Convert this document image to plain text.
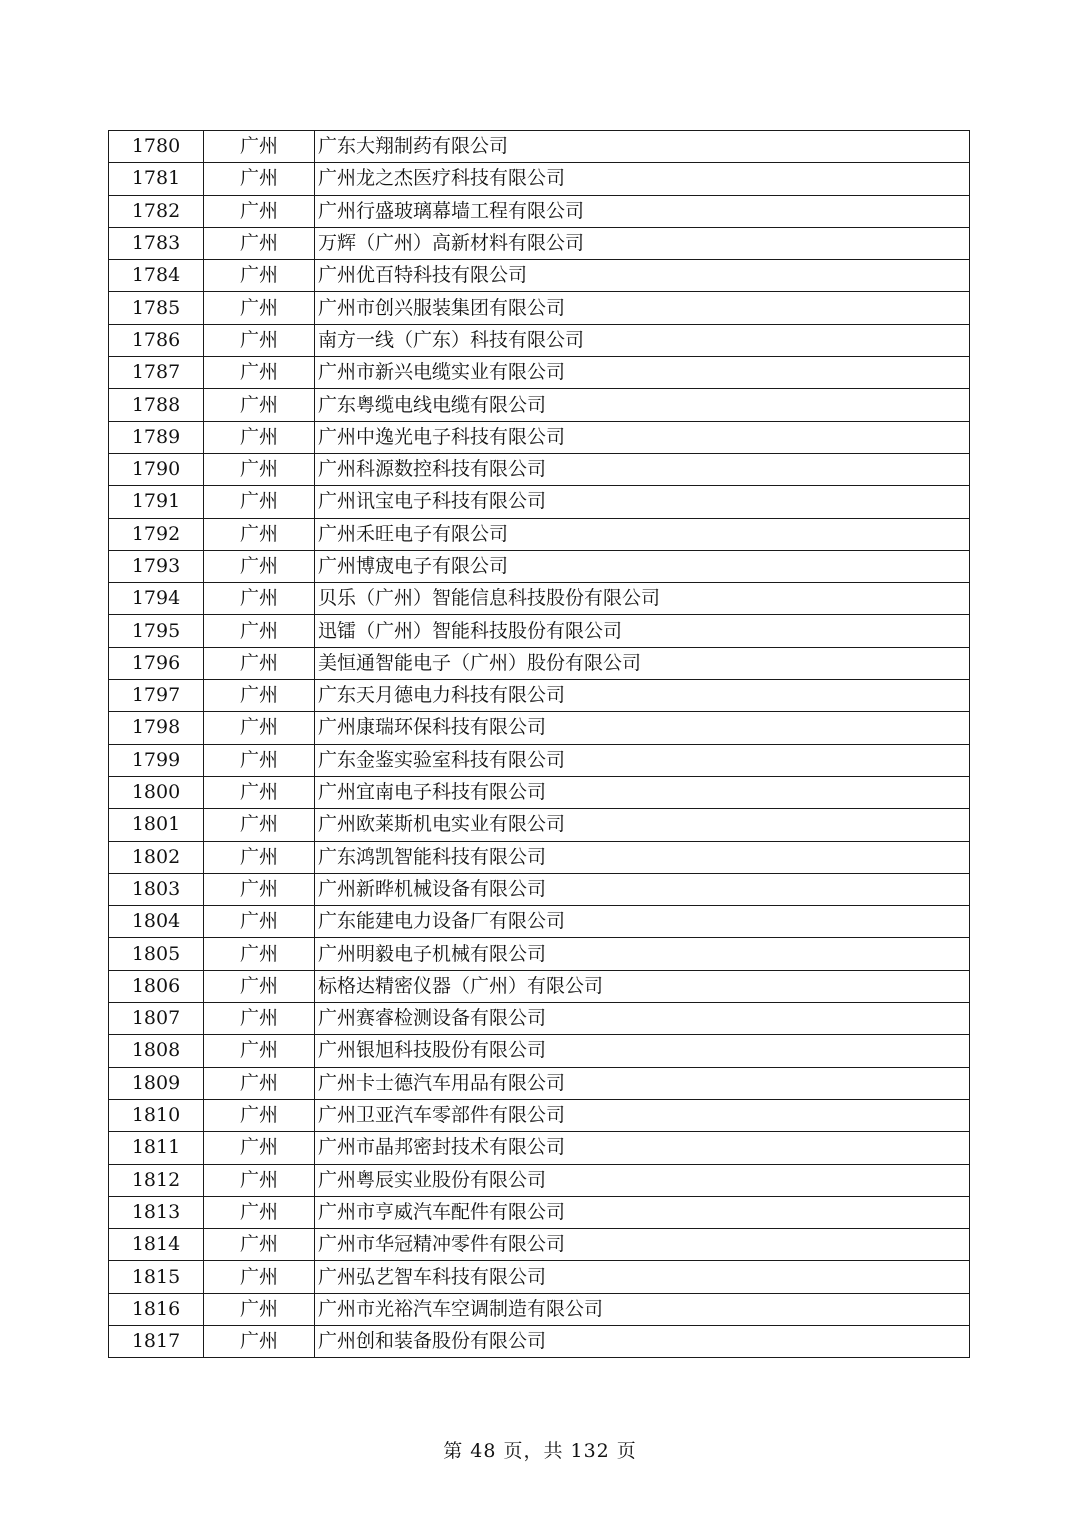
1780	广州	广东大翔制药有限公司
1781	广州	广州龙之杰医疗科技有限公司
1782	广州	广州行盛玻璃幕墙工程有限公司
1783	广州	万辉（广州）高新材料有限公司
1784	广州	广州优百特科技有限公司
1785	广州	广州市创兴服装集团有限公司
1786	广州	南方一线（广东）科技有限公司
1787	广州	广州市新兴电缆实业有限公司
1788	广州	广东粤缆电线电缆有限公司
1789	广州	广州中逸光电子科技有限公司
1790	广州	广州科源数控科技有限公司
1791	广州	广州讯宝电子科技有限公司
1792	广州	广州禾旺电子有限公司
1793	广州	广州博宬电子有限公司
1794	广州	贝乐（广州）智能信息科技股份有限公司
1795	广州	迅镭（广州）智能科技股份有限公司
1796	广州	美恒通智能电子（广州）股份有限公司
1797	广州	广东天月德电力科技有限公司
1798	广州	广州康瑞环保科技有限公司
1799	广州	广东金鉴实验室科技有限公司
1800	广州	广州宜南电子科技有限公司
1801	广州	广州欧莱斯机电实业有限公司
1802	广州	广东鸿凯智能科技有限公司
1803	广州	广州新晔机械设备有限公司
1804	广州	广东能建电力设备厂有限公司
1805	广州	广州明毅电子机械有限公司
1806	广州	标格达精密仪器（广州）有限公司
1807	广州	广州赛睿检测设备有限公司
1808	广州	广州银旭科技股份有限公司
1809	广州	广州卡士德汽车用品有限公司
1810	广州	广州卫亚汽车零部件有限公司
1811	广州	广州市晶邦密封技术有限公司
1812	广州	广州粤辰实业股份有限公司
1813	广州	广州市亨威汽车配件有限公司
1814	广州	广州市华冠精冲零件有限公司
1815	广州	广州弘艺智车科技有限公司
1816	广州	广州市光裕汽车空调制造有限公司
1817	广州	广州创和装备股份有限公司
第 48 页，共 132 页
